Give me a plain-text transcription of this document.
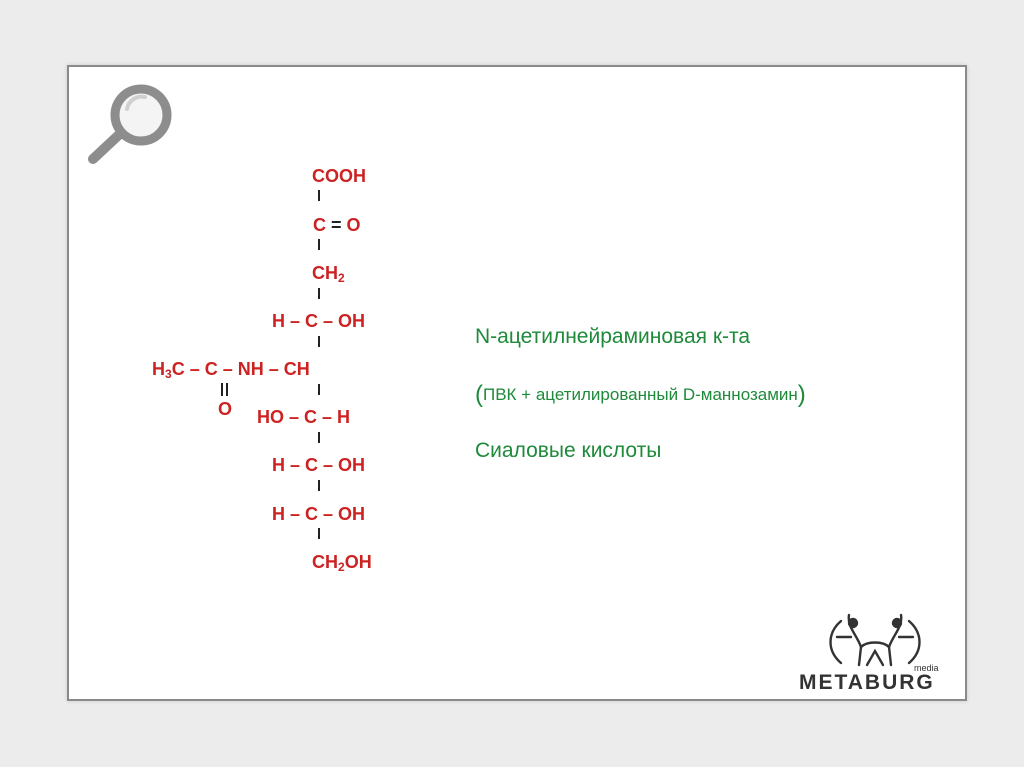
COOH
C = O
$CH_2$
H – C – OH
$H_3C$ – C – NH – CH
O HO – C – H
H – C – OH
H – C – OH
$CH_2OH$
N-ацетилнейраминовая к-та
(ПВК + ацетилированный D-маннозамин)
Сиаловые кислоты
media
METABURG
